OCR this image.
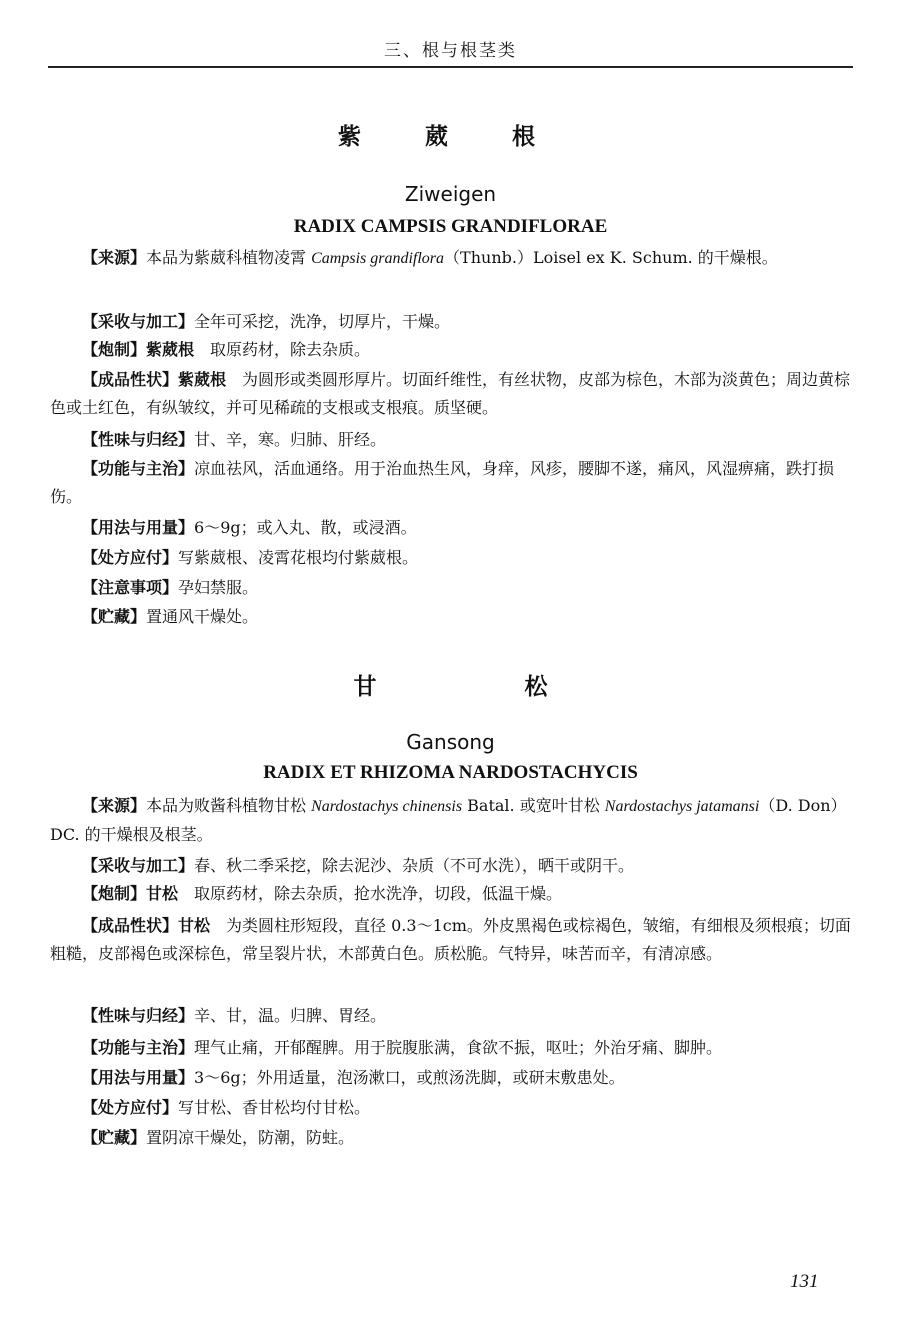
三、根与根茎类
紫 葳 根
Ziweigen
RADIX CAMPSIS GRANDIFLORAE
【来源】本品为紫葳科植物凌霄 Campsis grandiflora（Thunb.）Loisel ex K. Schum. 的干燥根。
【采收与加工】全年可采挖，洗净，切厚片，干燥。
【炮制】紫葳根　取原药材，除去杂质。
【成品性状】紫葳根　为圆形或类圆形厚片。切面纤维性，有丝状物，皮部为棕色，木部为淡黄色；周边黄棕色或土红色，有纵皱纹，并可见稀疏的支根或支根痕。质坚硬。
【性味与归经】甘、辛，寒。归肺、肝经。
【功能与主治】凉血祛风，活血通络。用于治血热生风，身痒，风疹，腰脚不遂，痛风，风湿痹痛，跌打损伤。
【用法与用量】6～9g；或入丸、散，或浸酒。
【处方应付】写紫葳根、凌霄花根均付紫葳根。
【注意事项】孕妇禁服。
【贮藏】置通风干燥处。
甘 松
Gansong
RADIX ET RHIZOMA NARDOSTACHYCIS
【来源】本品为败酱科植物甘松 Nardostachys chinensis Batal. 或宽叶甘松 Nardostachys jatamansi（D. Don）DC. 的干燥根及根茎。
【采收与加工】春、秋二季采挖，除去泥沙、杂质（不可水洗），晒干或阴干。
【炮制】甘松　取原药材，除去杂质，抢水洗净，切段，低温干燥。
【成品性状】甘松　为类圆柱形短段，直径 0.3～1cm。外皮黑褐色或棕褐色，皱缩，有细根及须根痕；切面粗糙，皮部褐色或深棕色，常呈裂片状，木部黄白色。质松脆。气特异，味苦而辛，有清凉感。
【性味与归经】辛、甘，温。归脾、胃经。
【功能与主治】理气止痛，开郁醒脾。用于脘腹胀满，食欲不振，呕吐；外治牙痛、脚肿。
【用法与用量】3～6g；外用适量，泡汤漱口，或煎汤洗脚，或研末敷患处。
【处方应付】写甘松、香甘松均付甘松。
【贮藏】置阴凉干燥处，防潮，防蛀。
131
